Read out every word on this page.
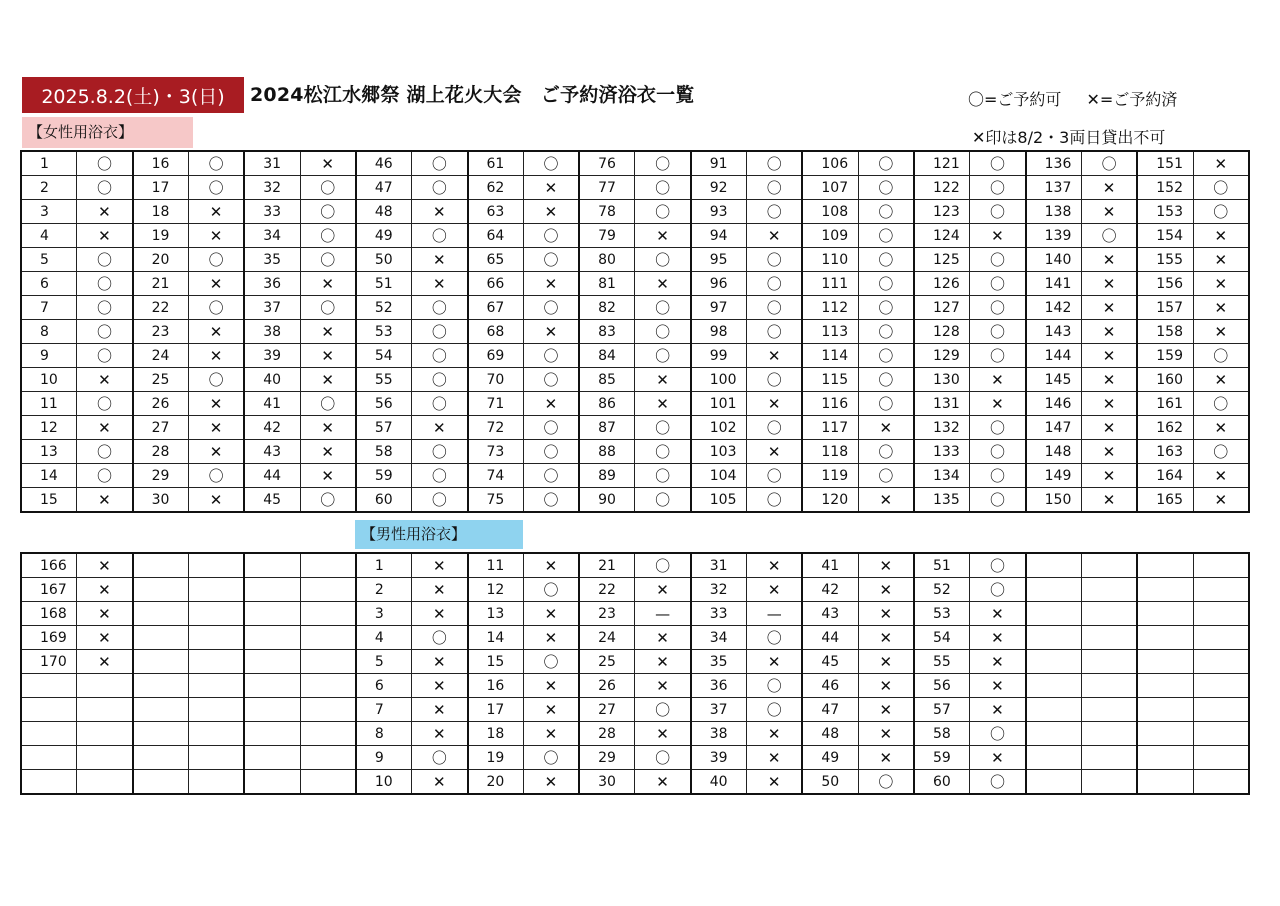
2025.8.2(土)・3(日)	2024松江水郷祭 湖上花火大会　ご予約済浴衣一覧	〇=ご予約可 ✕=ご予約済
✕印は8/2・3両日貸出不可
【女性用浴衣】
1	〇	16	〇	31	✕	46	〇	61	〇	76	〇	91	〇	106	〇	121	〇	136	〇	151	✕
2	〇	17	〇	32	〇	47	〇	62	✕	77	〇	92	〇	107	〇	122	〇	137	✕	152	〇
3	✕	18	✕	33	〇	48	✕	63	✕	78	〇	93	〇	108	〇	123	〇	138	✕	153	〇
4	✕	19	✕	34	〇	49	〇	64	〇	79	✕	94	✕	109	〇	124	✕	139	〇	154	✕
5	〇	20	〇	35	〇	50	✕	65	〇	80	〇	95	〇	110	〇	125	〇	140	✕	155	✕
6	〇	21	✕	36	✕	51	✕	66	✕	81	✕	96	〇	111	〇	126	〇	141	✕	156	✕
7	〇	22	〇	37	〇	52	〇	67	〇	82	〇	97	〇	112	〇	127	〇	142	✕	157	✕
8	〇	23	✕	38	✕	53	〇	68	✕	83	〇	98	〇	113	〇	128	〇	143	✕	158	✕
9	〇	24	✕	39	✕	54	〇	69	〇	84	〇	99	✕	114	〇	129	〇	144	✕	159	〇
10	✕	25	〇	40	✕	55	〇	70	〇	85	✕	100	〇	115	〇	130	✕	145	✕	160	✕
11	〇	26	✕	41	〇	56	〇	71	✕	86	✕	101	✕	116	〇	131	✕	146	✕	161	〇
12	✕	27	✕	42	✕	57	✕	72	〇	87	〇	102	〇	117	✕	132	〇	147	✕	162	✕
13	〇	28	✕	43	✕	58	〇	73	〇	88	〇	103	✕	118	〇	133	〇	148	✕	163	〇
14	〇	29	〇	44	✕	59	〇	74	〇	89	〇	104	〇	119	〇	134	〇	149	✕	164	✕
15	✕	30	✕	45	〇	60	〇	75	〇	90	〇	105	〇	120	✕	135	〇	150	✕	165	✕
【男性用浴衣】
166	✕					1	✕	11	✕	21	〇	31	✕	41	✕	51	〇				
167	✕					2	✕	12	〇	22	✕	32	✕	42	✕	52	〇				
168	✕					3	✕	13	✕	23	—	33	—	43	✕	53	✕				
169	✕					4	〇	14	✕	24	✕	34	〇	44	✕	54	✕				
170	✕					5	✕	15	〇	25	✕	35	✕	45	✕	55	✕				
						6	✕	16	✕	26	✕	36	〇	46	✕	56	✕				
						7	✕	17	✕	27	〇	37	〇	47	✕	57	✕				
						8	✕	18	✕	28	✕	38	✕	48	✕	58	〇				
						9	〇	19	〇	29	〇	39	✕	49	✕	59	✕				
						10	✕	20	✕	30	✕	40	✕	50	〇	60	〇				
